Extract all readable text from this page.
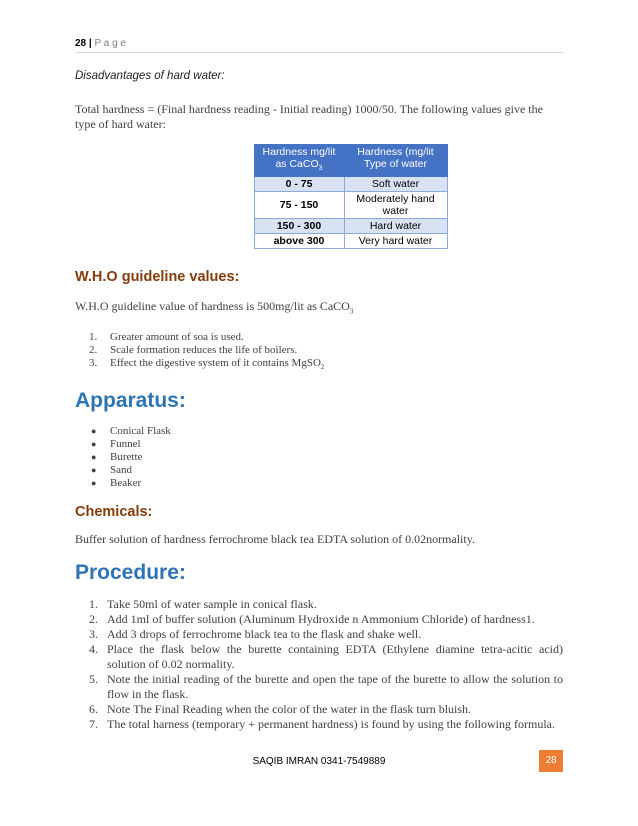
28 | P a g e
Disadvantages of hard water:

Total hardness = (Final hardness reading - Initial reading) 1000/50. The following values give the type of hard water:

Hardness mg/lit as CaCO$_3$	Hardness (mg/lit Type of water
0 - 75	Soft water
75 - 150	Moderately hand water
150 - 300	Hard water
above 300	Very hard water
W.H.O guideline values:

W.H.O guideline value of hardness is 500mg/lit as CaCO$_3$

1. Greater amount of soa is used.
2. Scale formation reduces the life of boilers.
3. Effect the digestive system of it contains MgSO$_2$
Apparatus:
● Conical Flask
● Funnel
● Burette
● Sand
● Beaker
Chemicals:

Buffer solution of hardness ferrochrome black tea EDTA solution of 0.02normality.

Procedure:
1. Take 50ml of water sample in conical flask.
2. Add 1ml of buffer solution (Aluminum Hydroxide n Ammonium Chloride) of hardness1.
3. Add 3 drops of ferrochrome black tea to the flask and shake well.
4. Place the flask below the burette containing EDTA (Ethylene diamine tetra-acitic acid) solution of 0.02 normality.
5. Note the initial reading of the burette and open the tape of the burette to allow the solution to flow in the flask.
6. Note The Final Reading when the color of the water in the flask turn bluish.
7. The total harness (temporary + permanent hardness) is found by using the following formula.
SAQIB IMRAN 0341-7549889	28
